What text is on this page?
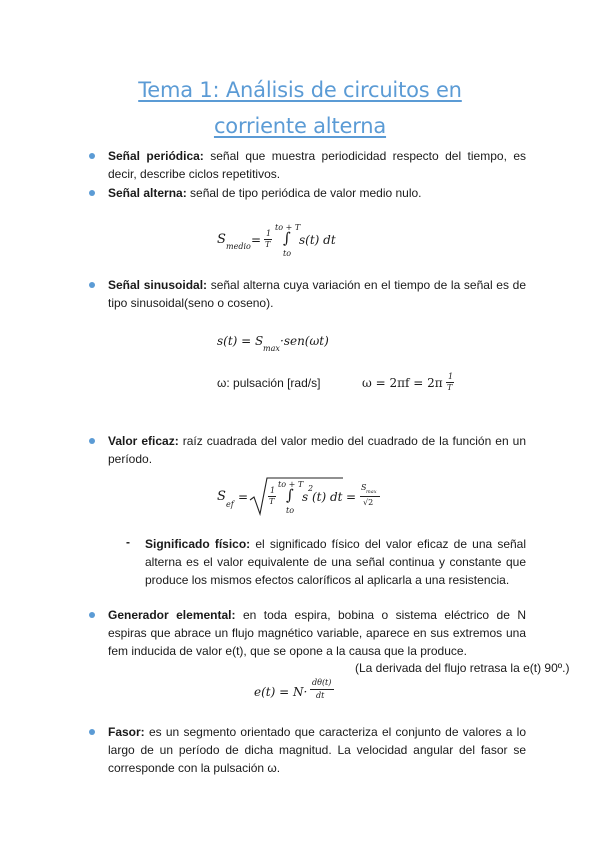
Tema 1: Análisis de circuitos en
corriente alterna
Señal periódica: señal que muestra periodicidad respecto del tiempo, es decir, describe ciclos repetitivos.
Señal alterna: señal de tipo periódica de valor medio nulo.
S medio = 1
T
to + T
∫
to
s(t) dt
Señal sinusoidal: señal alterna cuya variación en el tiempo de la señal es de tipo sinusoidal(seno o coseno).
s(t) = S
max
·sen(ωt)
ω: pulsación [rad/s]	ω = 2πf = 2π 1
T
Valor eficaz: raíz cuadrada del valor medio del cuadrado de la función en un período.
S
ef
=	1
T
to + T
∫
to
s
2
(t) dt =
S max
√2
- Significado físico: el significado físico del valor eficaz de una señal alterna es el valor equivalente de una señal continua y constante que produce los mismos efectos caloríficos al aplicarla a una resistencia.
Generador elemental: en toda espira, bobina o sistema eléctrico de N espiras que abrace un flujo magnético variable, aparece en sus extremos una fem inducida de valor e(t), que se opone a la causa que la produce.
(La derivada del flujo retrasa la e(t) 90º.)
e(t) = N·
dθ(t)
dt
Fasor: es un segmento orientado que caracteriza el conjunto de valores a lo largo de un período de dicha magnitud. La velocidad angular del fasor se corresponde con la pulsación ω.
